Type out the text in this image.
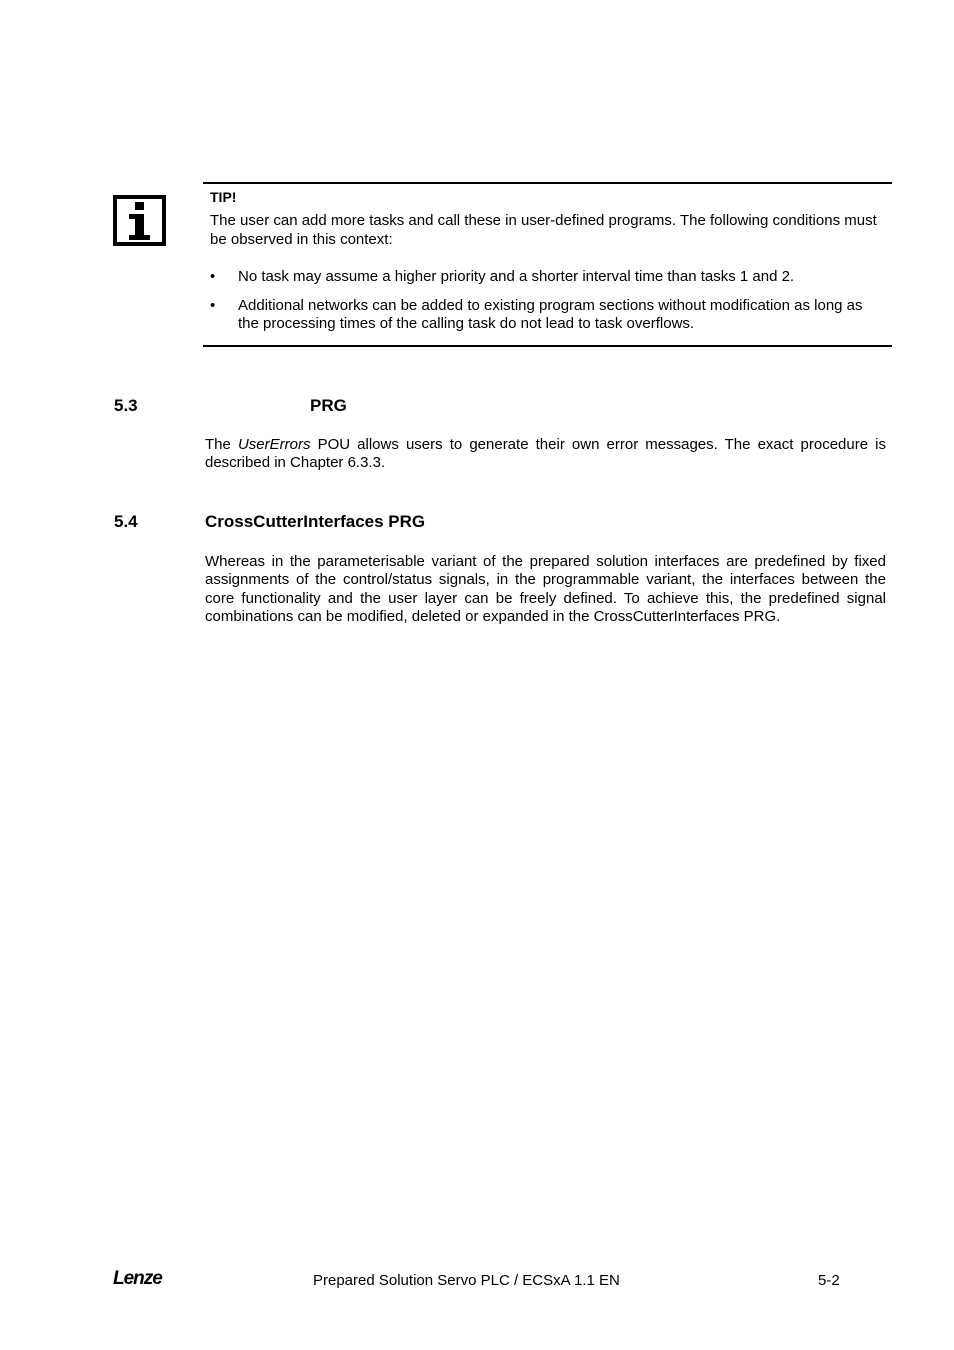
TIP!
The user can add more tasks and call these in user-defined programs. The following conditions must be observed in this context:
• No task may assume a higher priority and a shorter interval time than tasks 1 and 2.
• Additional networks can be added to existing program sections without modification as long as the processing times of the calling task do not lead to task overflows.
5.3	PRG
The UserErrors POU allows users to generate their own error messages. The exact procedure is described in Chapter 6.3.3.
5.4	CrossCutterInterfaces PRG
Whereas in the parameterisable variant of the prepared solution interfaces are predefined by fixed assignments of the control/status signals, in the programmable variant, the interfaces between the core functionality and the user layer can be freely defined. To achieve this, the predefined signal combinations can be modified, deleted or expanded in the CrossCutterInterfaces PRG.
Lenze	Prepared Solution Servo PLC / ECSxA 1.1 EN	5-2
